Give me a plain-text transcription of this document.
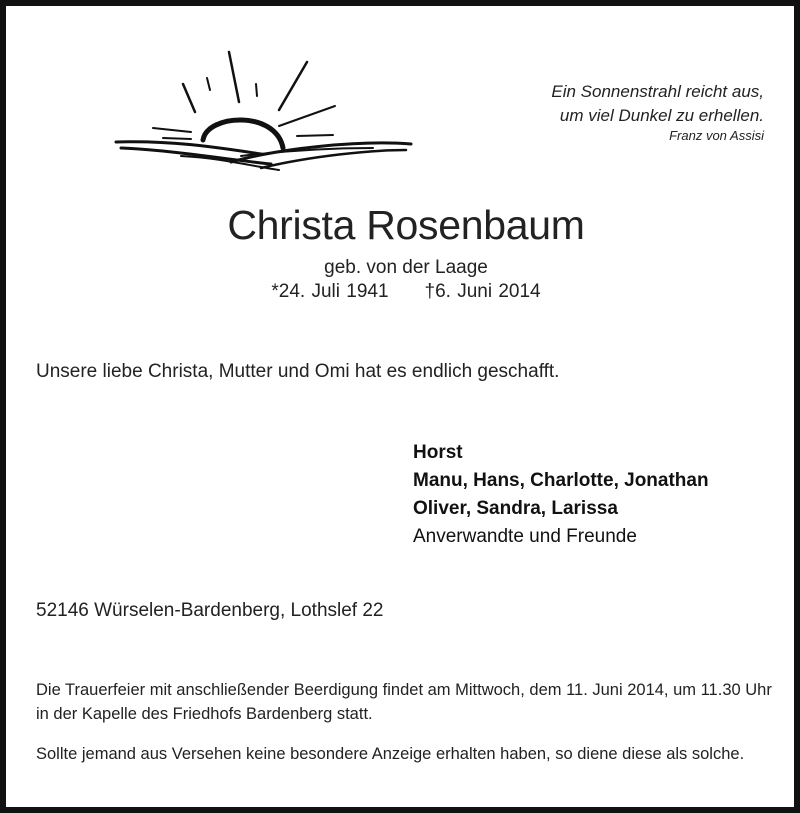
Ein Sonnenstrahl reicht aus,
um viel Dunkel zu erhellen.
Franz von Assisi
Christa Rosenbaum
geb. von der Laage
*24. Juli 1941 †6. Juni 2014
Unsere liebe Christa, Mutter und Omi hat es endlich geschafft.
Horst
Manu, Hans, Charlotte, Jonathan
Oliver, Sandra, Larissa
Anverwandte und Freunde
52146 Würselen-Bardenberg, Lothslef 22
Die Trauerfeier mit anschließender Beerdigung findet am Mittwoch, dem 11. Juni 2014, um 11.30 Uhr in der Kapelle des Friedhofs Bardenberg statt.
Sollte jemand aus Versehen keine besondere Anzeige erhalten haben, so diene diese als solche.
